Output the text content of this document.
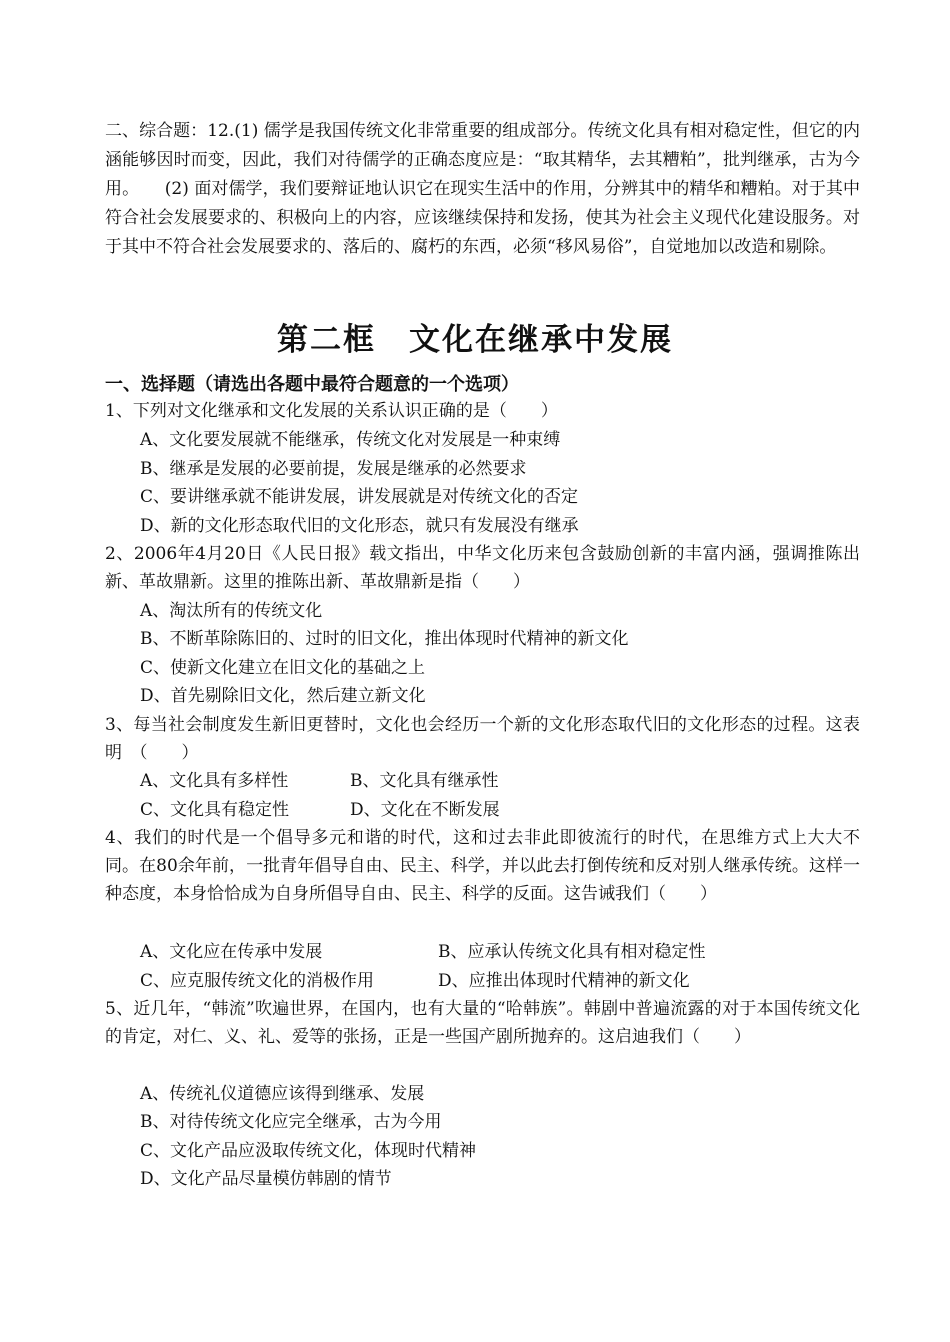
二、综合题：12.(1) 儒学是我国传统文化非常重要的组成部分。传统文化具有相对稳定性，但它的内涵能够因时而变，因此，我们对待儒学的正确态度应是：“取其精华，去其糟粕”，批判继承，古为今用。　　(2) 面对儒学，我们要辩证地认识它在现实生活中的作用，分辨其中的精华和糟粕。对于其中符合社会发展要求的、积极向上的内容，应该继续保持和发扬，使其为社会主义现代化建设服务。对于其中不符合社会发展要求的、落后的、腐朽的东西，必须“移风易俗”，自觉地加以改造和剔除。
第二框　文化在继承中发展
一、选择题（请选出各题中最符合题意的一个选项）
1、下列对文化继承和文化发展的关系认识正确的是（　　）
A、文化要发展就不能继承，传统文化对发展是一种束缚
B、继承是发展的必要前提，发展是继承的必然要求
C、要讲继承就不能讲发展，讲发展就是对传统文化的否定
D、新的文化形态取代旧的文化形态，就只有发展没有继承
2、2006年4月20日《人民日报》载文指出，中华文化历来包含鼓励创新的丰富内涵，强调推陈出新、革故鼎新。这里的推陈出新、革故鼎新是指（　　）
A、淘汰所有的传统文化
B、不断革除陈旧的、过时的旧文化，推出体现时代精神的新文化
C、使新文化建立在旧文化的基础之上
D、首先剔除旧文化，然后建立新文化
3、每当社会制度发生新旧更替时，文化也会经历一个新的文化形态取代旧的文化形态的过程。这表明　（　　）
A、文化具有多样性	B、文化具有继承性
C、文化具有稳定性	D、文化在不断发展
4、我们的时代是一个倡导多元和谐的时代，这和过去非此即彼流行的时代，在思维方式上大大不同。在80余年前，一批青年倡导自由、民主、科学，并以此去打倒传统和反对别人继承传统。这样一种态度，本身恰恰成为自身所倡导自由、民主、科学的反面。这告诫我们（　　）
A、文化应在传承中发展	B、应承认传统文化具有相对稳定性
C、应克服传统文化的消极作用	D、应推出体现时代精神的新文化
5、近几年，“韩流”吹遍世界，在国内，也有大量的“哈韩族”。韩剧中普遍流露的对于本国传统文化的肯定，对仁、义、礼、爱等的张扬，正是一些国产剧所抛弃的。这启迪我们（　　）
A、传统礼仪道德应该得到继承、发展
B、对待传统文化应完全继承，古为今用
C、文化产品应汲取传统文化，体现时代精神
D、文化产品尽量模仿韩剧的情节
